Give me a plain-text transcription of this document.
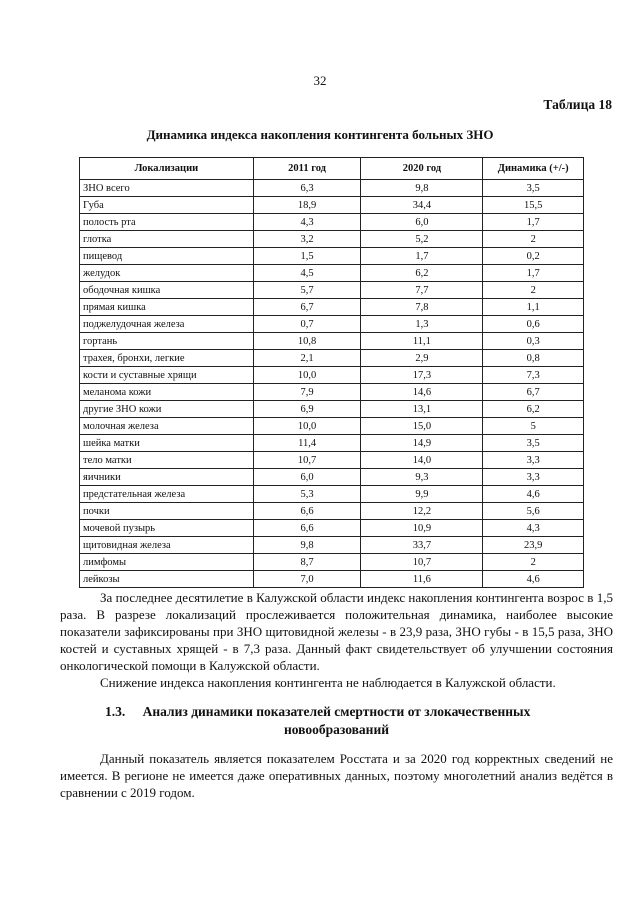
32
Таблица 18
Динамика индекса накопления контингента больных ЗНО
Локализации	2011 год	2020 год	Динамика (+/-)
ЗНО всего	6,3	9,8	3,5
Губа	18,9	34,4	15,5
полость рта	4,3	6,0	1,7
глотка	3,2	5,2	2
пищевод	1,5	1,7	0,2
желудок	4,5	6,2	1,7
ободочная кишка	5,7	7,7	2
прямая кишка	6,7	7,8	1,1
поджелудочная железа	0,7	1,3	0,6
гортань	10,8	11,1	0,3
трахея, бронхи, легкие	2,1	2,9	0,8
кости и суставные хрящи	10,0	17,3	7,3
меланома кожи	7,9	14,6	6,7
другие ЗНО кожи	6,9	13,1	6,2
молочная железа	10,0	15,0	5
шейка матки	11,4	14,9	3,5
тело матки	10,7	14,0	3,3
яичники	6,0	9,3	3,3
предстательная железа	5,3	9,9	4,6
почки	6,6	12,2	5,6
мочевой пузырь	6,6	10,9	4,3
щитовидная железа	9,8	33,7	23,9
лимфомы	8,7	10,7	2
лейкозы	7,0	11,6	4,6

За последнее десятилетие в Калужской области индекс накопления контингента возрос в 1,5 раза. В разрезе локализаций прослеживается положительная динамика, наиболее высокие показатели зафиксированы при ЗНО щитовидной железы - в 23,9 раза, ЗНО губы - в 15,5 раза, ЗНО костей и суставных хрящей - в 7,3 раза. Данный факт свидетельствует об улучшении состояния онкологической помощи в Калужской области.

Снижение индекса накопления контингента не наблюдается в Калужской области.

1.3.	Анализ динамики показателей смертности от злокачественных
новообразований

Данный показатель является показателем Росстата и за 2020 год корректных сведений не имеется. В регионе не имеется даже оперативных данных, поэтому многолетний анализ ведётся в сравнении с 2019 годом.
